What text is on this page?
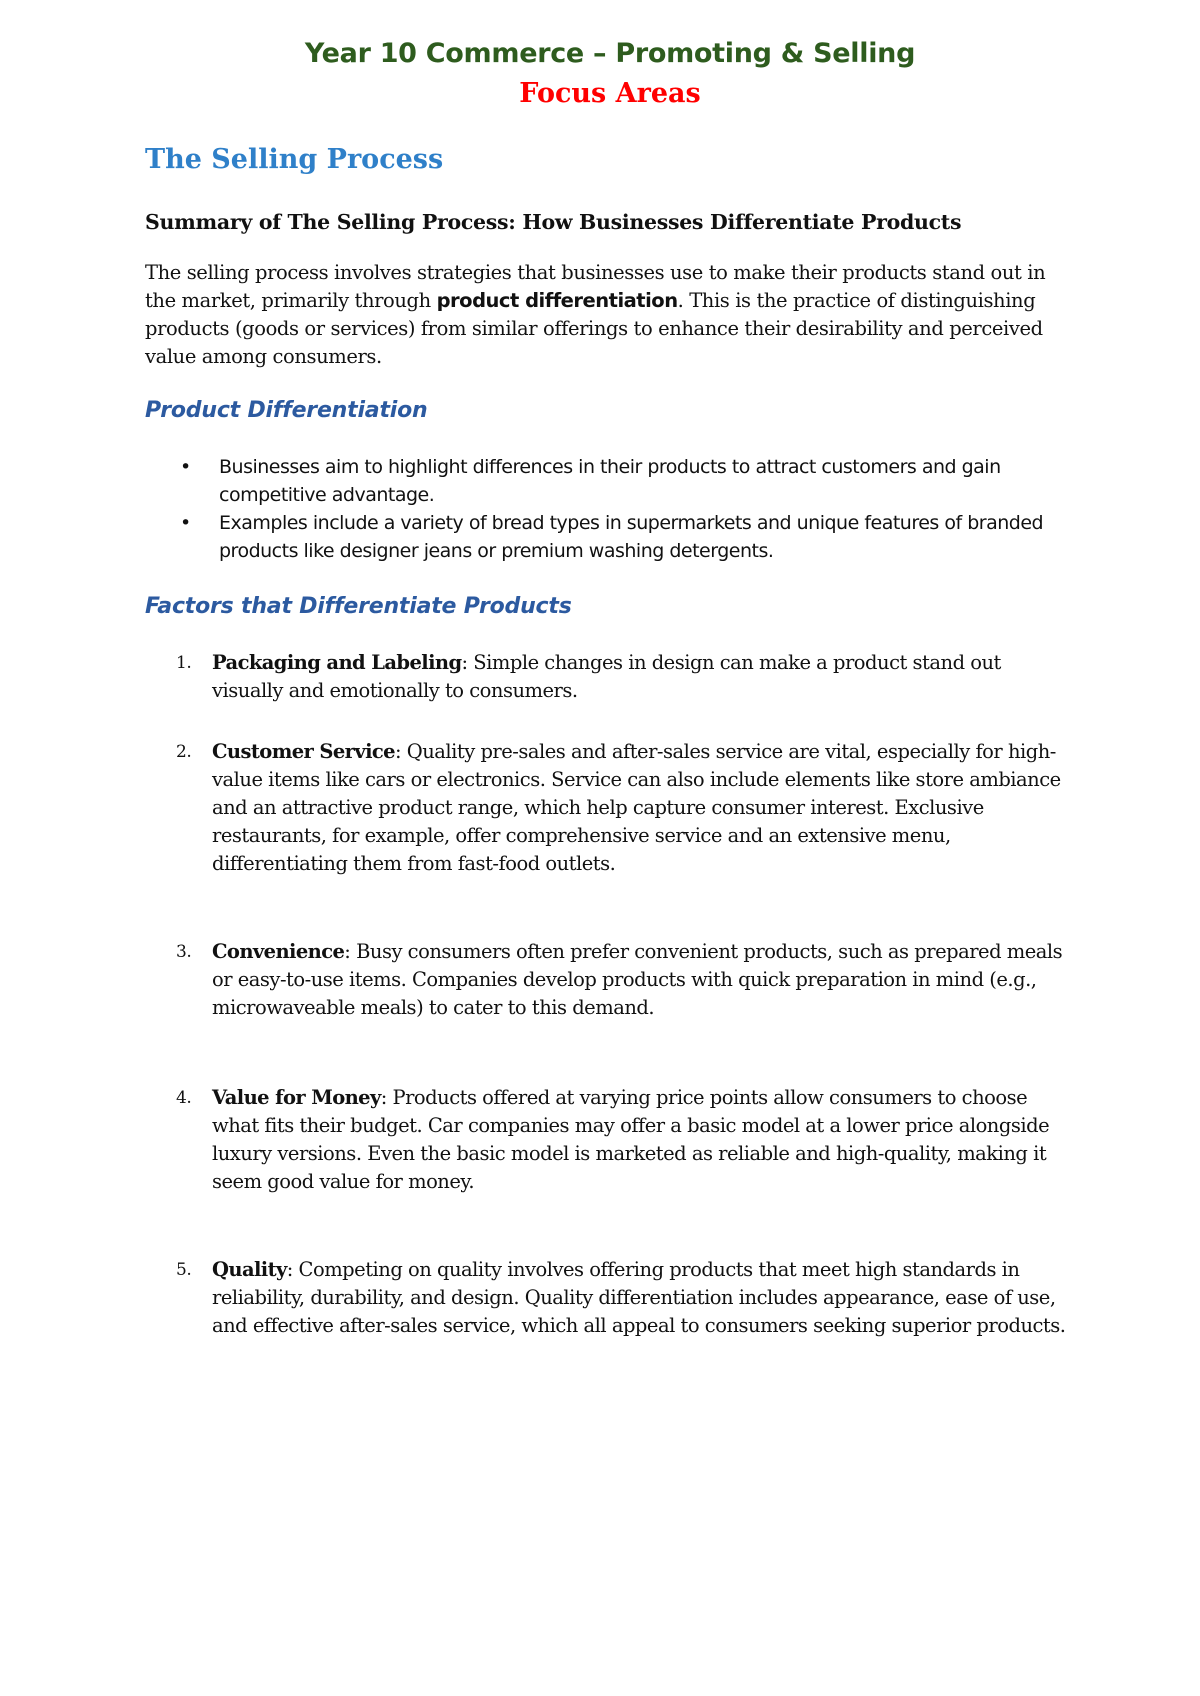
Year 10 Commerce – Promoting & Selling
Focus Areas
The Selling Process
Summary of The Selling Process: How Businesses Differentiate Products

The selling process involves strategies that businesses use to make their products stand out in the market, primarily through product differentiation. This is the practice of distinguishing products (goods or services) from similar offerings to enhance their desirability and perceived value among consumers.

Product Differentiation
• Businesses aim to highlight differences in their products to attract customers and gain competitive advantage.
• Examples include a variety of bread types in supermarkets and unique features of branded products like designer jeans or premium washing detergents.
Factors that Differentiate Products
1. Packaging and Labeling: Simple changes in design can make a product stand out visually and emotionally to consumers.
2. Customer Service: Quality pre-sales and after-sales service are vital, especially for high-value items like cars or electronics. Service can also include elements like store ambiance and an attractive product range, which help capture consumer interest. Exclusive restaurants, for example, offer comprehensive service and an extensive menu, differentiating them from fast-food outlets.
3. Convenience: Busy consumers often prefer convenient products, such as prepared meals or easy-to-use items. Companies develop products with quick preparation in mind (e.g., microwaveable meals) to cater to this demand.
4. Value for Money: Products offered at varying price points allow consumers to choose what fits their budget. Car companies may offer a basic model at a lower price alongside luxury versions. Even the basic model is marketed as reliable and high-quality, making it seem good value for money.
5. Quality: Competing on quality involves offering products that meet high standards in reliability, durability, and design. Quality differentiation includes appearance, ease of use, and effective after-sales service, which all appeal to consumers seeking superior products.
